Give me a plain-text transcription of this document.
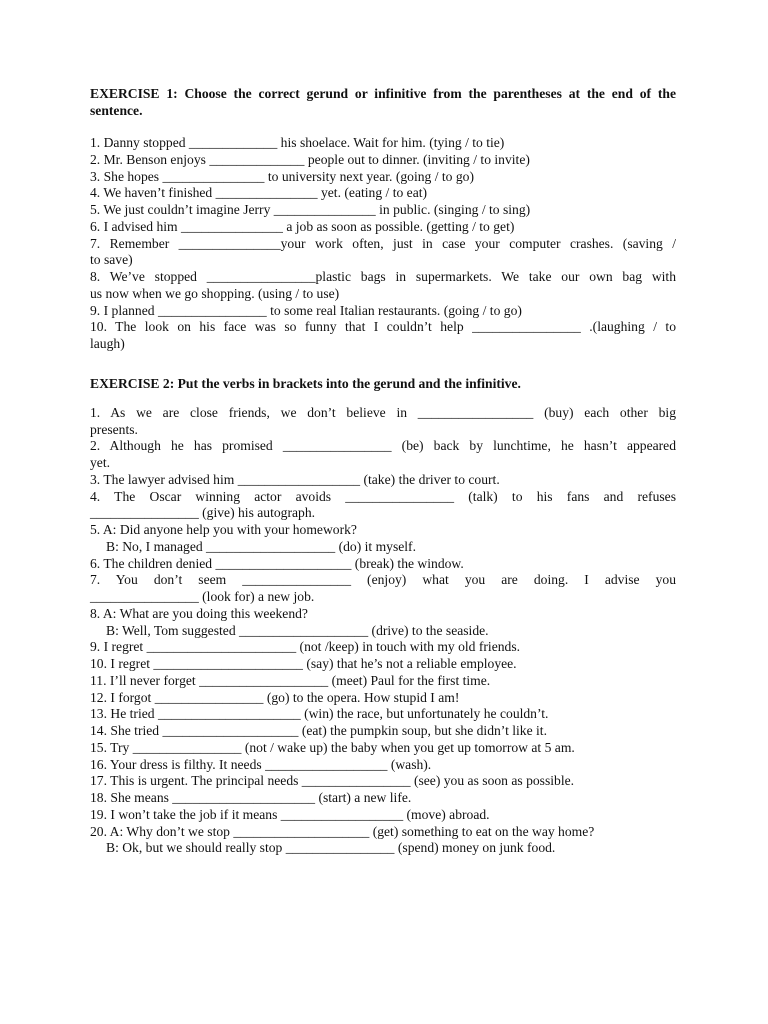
EXERCISE 1: Choose the correct gerund or infinitive from the parentheses at the end of the sentence.

1. Danny stopped _____________ his shoelace. Wait for him. (tying / to tie)

2. Mr. Benson enjoys ______________ people out to dinner. (inviting / to invite)

3. She hopes _______________ to university next year. (going / to go)

4. We haven’t finished _______________ yet. (eating / to eat)

5. We just couldn’t imagine Jerry _______________ in public. (singing / to sing)

6. I advised him _______________ a job as soon as possible. (getting / to get)

7. Remember _______________your work often, just in case your computer crashes. (saving /

to save)

8. We’ve stopped ________________plastic bags in supermarkets. We take our own bag with

us now when we go shopping. (using / to use)

9. I planned ________________ to some real Italian restaurants. (going / to go)

10. The look on his face was so funny that I couldn’t help ________________ .(laughing / to

laugh)

EXERCISE 2: Put the verbs in brackets into the gerund and the infinitive.

1. As we are close friends, we don’t believe in _________________ (buy) each other big

presents.

2. Although he has promised ________________ (be) back by lunchtime, he hasn’t appeared

yet.

3. The lawyer advised him __________________ (take) the driver to court.

4. The Oscar winning actor avoids ________________ (talk) to his fans and refuses

________________ (give) his autograph.

5. A: Did anyone help you with your homework?

B: No, I managed ___________________ (do) it myself.

6. The children denied ____________________ (break) the window.

7. You don’t seem ________________ (enjoy) what you are doing. I advise you

________________ (look for) a new job.

8. A: What are you doing this weekend?

B: Well, Tom suggested ___________________ (drive) to the seaside.

9. I regret ______________________ (not /keep) in touch with my old friends.

10. I regret ______________________ (say) that he’s not a reliable employee.

11. I’ll never forget ___________________ (meet) Paul for the first time.

12. I forgot ________________ (go) to the opera. How stupid I am!

13. He tried _____________________ (win) the race, but unfortunately he couldn’t.

14. She tried ____________________ (eat) the pumpkin soup, but she didn’t like it.

15. Try ________________ (not / wake up) the baby when you get up tomorrow at 5 am.

16. Your dress is filthy. It needs __________________ (wash).

17. This is urgent. The principal needs ________________ (see) you as soon as possible.

18. She means _____________________ (start) a new life.

19. I won’t take the job if it means __________________ (move) abroad.

20. A: Why don’t we stop ____________________ (get) something to eat on the way home?

B: Ok, but we should really stop ________________ (spend) money on junk food.
